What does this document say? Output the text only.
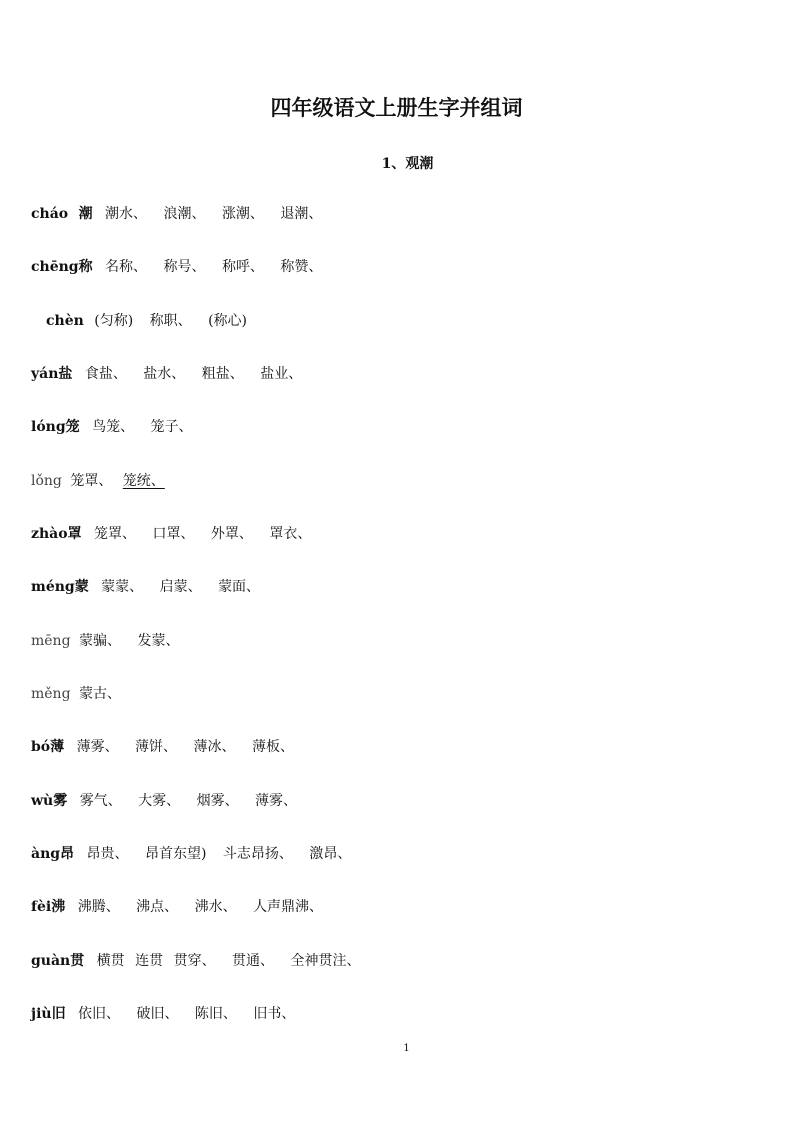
四年级语文上册生字并组词
1、观潮
cháo 潮 潮水、 浪潮、 涨潮、 退潮、
chēng称 名称、 称号、 称呼、 称赞、
chèn (匀称) 称职、 (称心)
yán盐 食盐、 盐水、 粗盐、 盐业、
lóng笼 鸟笼、 笼子、
lǒng 笼罩、 笼统、
zhào罩 笼罩、 口罩、 外罩、 罩衣、
méng蒙 蒙蒙、 启蒙、 蒙面、
mēng 蒙骗、 发蒙、
měng 蒙古、
bó薄 薄雾、 薄饼、 薄冰、 薄板、
wù雾 雾气、 大雾、 烟雾、 薄雾、
àng昂 昂贵、 昂首东望) 斗志昂扬、 激昂、
fèi沸 沸腾、 沸点、 沸水、 人声鼎沸、
guàn贯 横贯 连贯 贯穿、 贯通、 全神贯注、
jiù旧 依旧、 破旧、 陈旧、 旧书、
1
